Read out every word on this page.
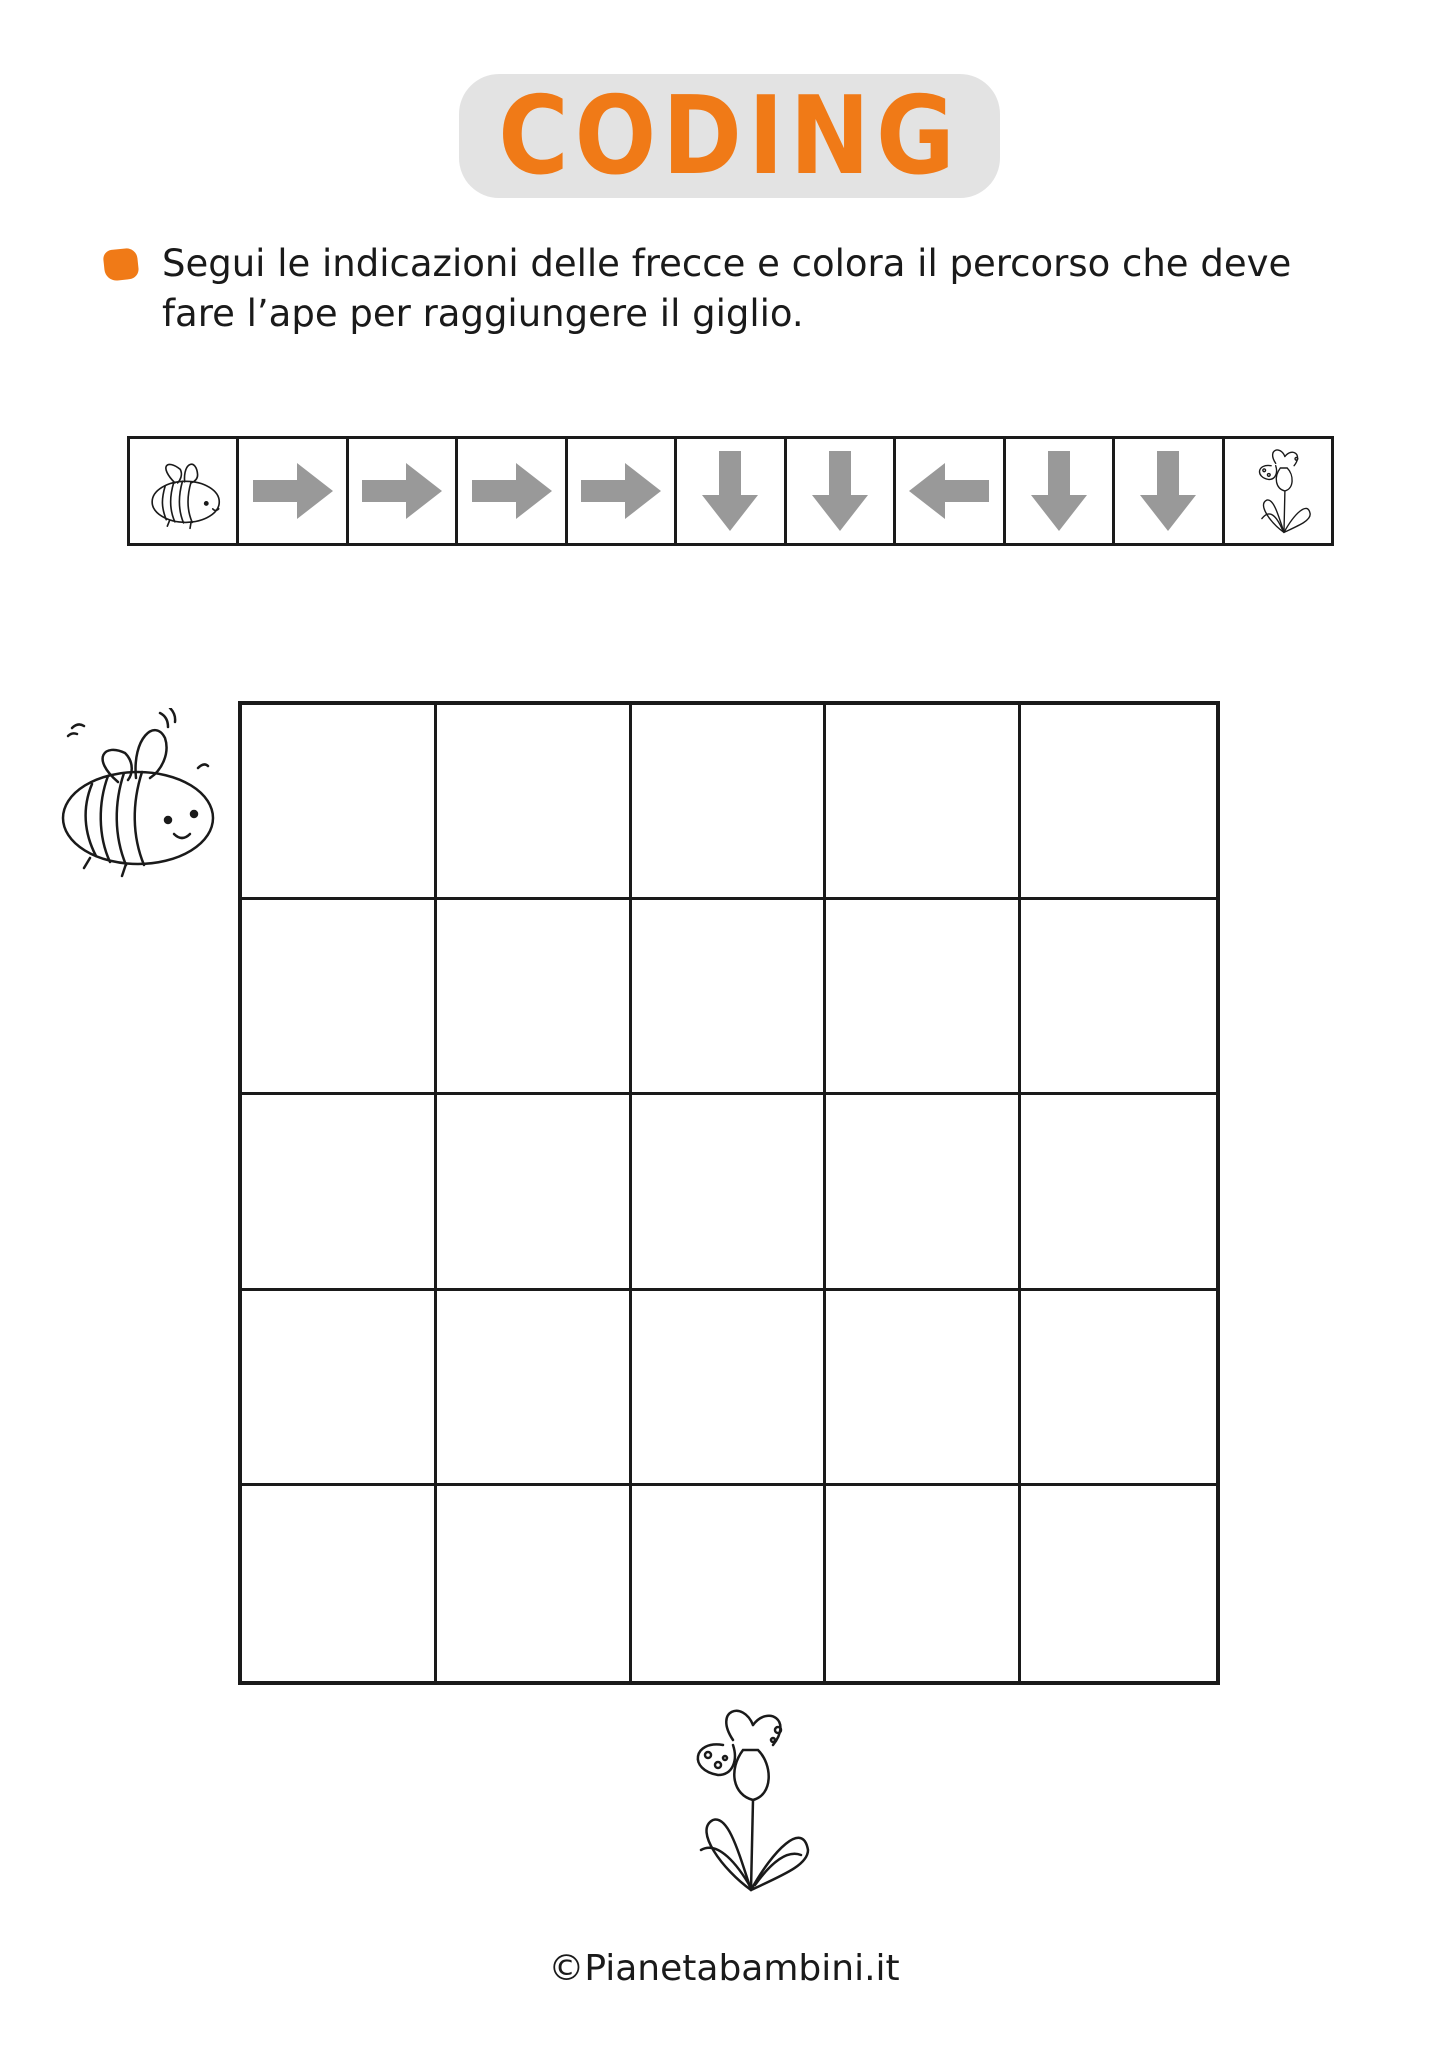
CODING
Segui le indicazioni delle frecce e colora il percorso che deve fare l’ape per raggiungere il giglio.
©Pianetabambini.it
